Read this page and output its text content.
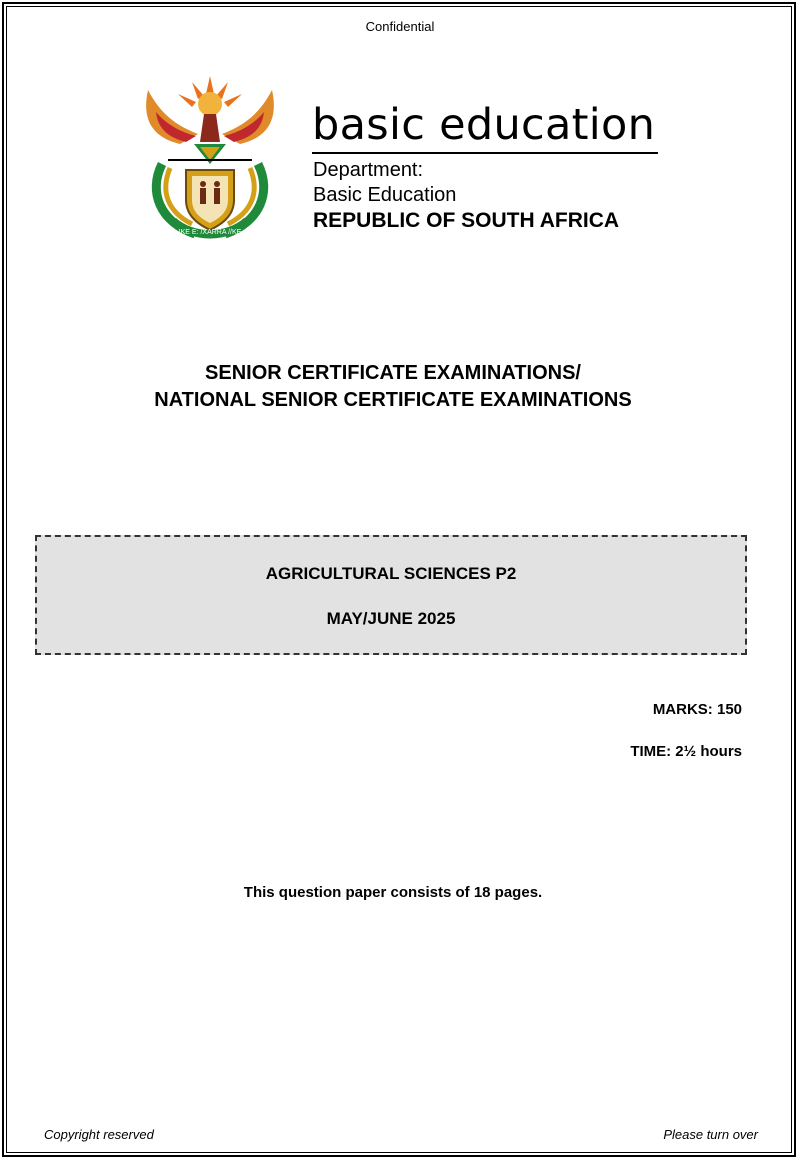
Confidential
!KE E: /XARRA //KE
basic education
Department:
Basic Education
REPUBLIC OF SOUTH AFRICA
SENIOR CERTIFICATE EXAMINATIONS/
NATIONAL SENIOR CERTIFICATE EXAMINATIONS
AGRICULTURAL SCIENCES P2
MAY/JUNE 2025
MARKS: 150
TIME: 2½ hours
This question paper consists of 18 pages.
Copyright reserved	Please turn over
